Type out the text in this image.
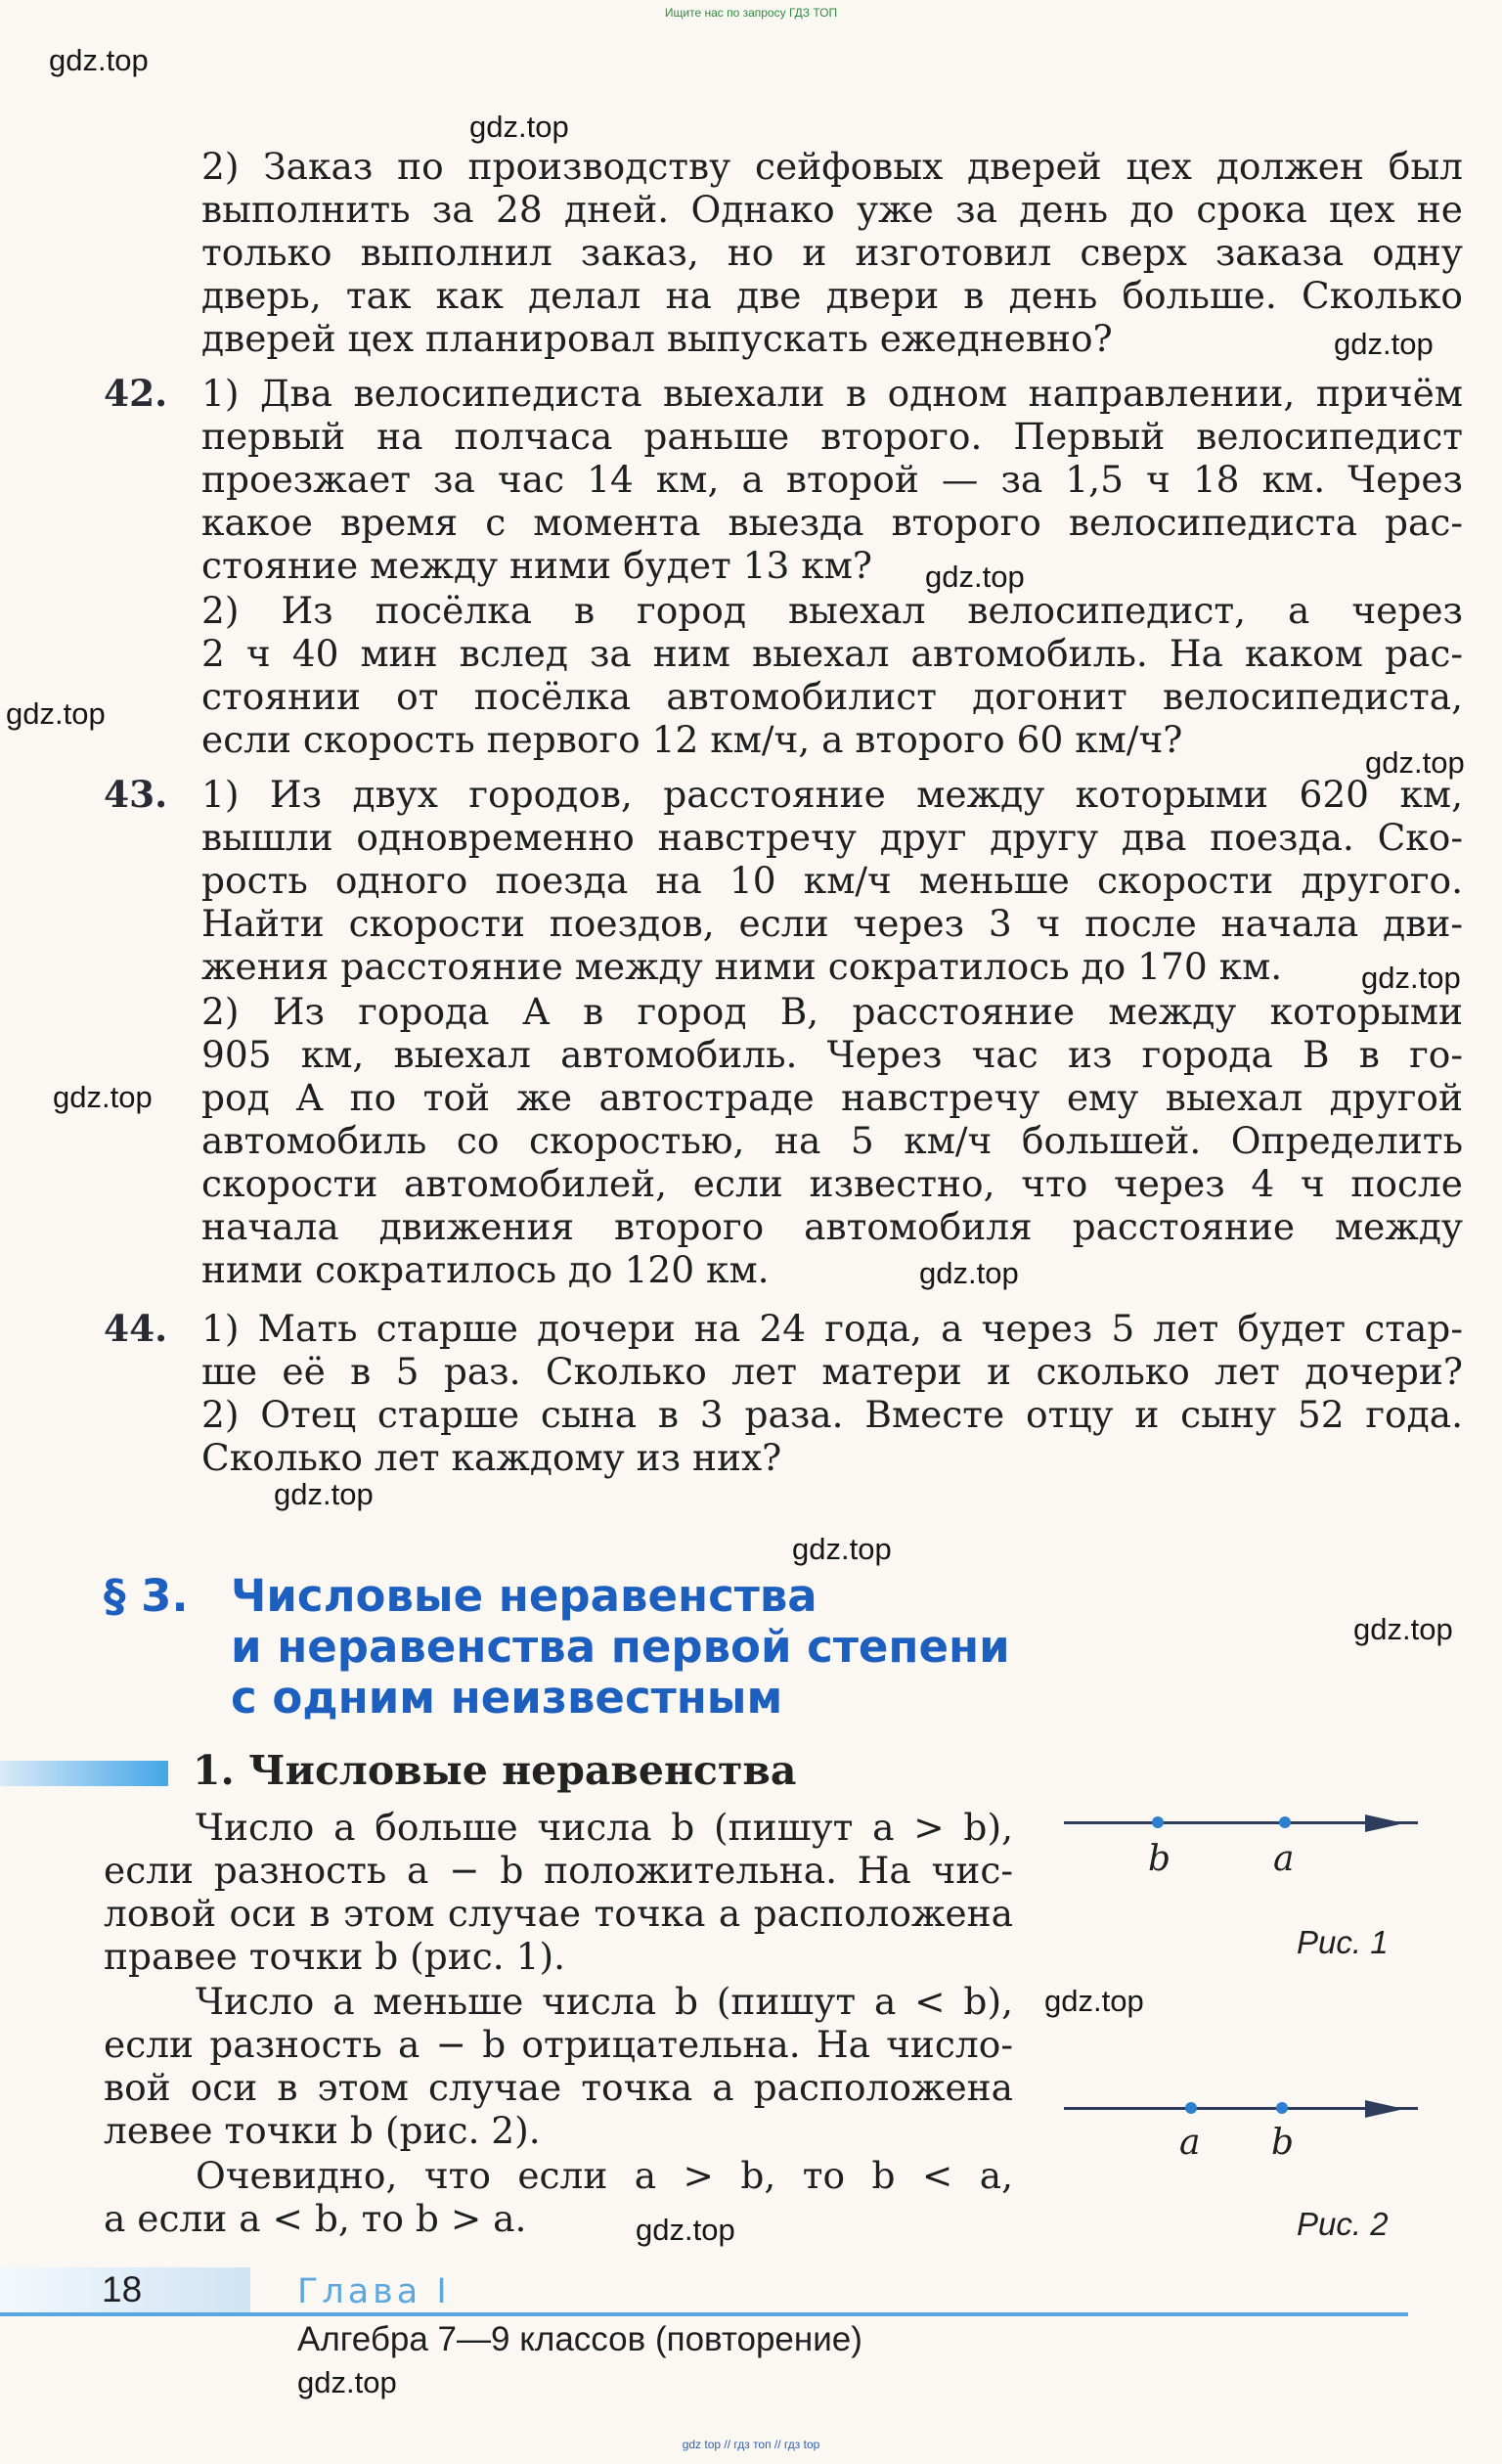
Ищите нас по запросу ГДЗ ТОП
2) Заказ по производству сейфовых дверей цех должен был
выполнить за 28 дней. Однако уже за день до срока цех не
только выполнил заказ, но и изготовил сверх заказа одну
дверь, так как делал на две двери в день больше. Сколько
дверей цех планировал выпускать ежедневно?
42. 1) Два велосипедиста выехали в одном направлении, причём
первый на полчаса раньше второго. Первый велосипедист
проезжает за час 14 км, а второй — за 1,5 ч 18 км. Через
какое время с момента выезда второго велосипедиста рас-
стояние между ними будет 13 км?
2) Из посёлка в город выехал велосипедист, а через
2 ч 40 мин вслед за ним выехал автомобиль. На каком рас-
стоянии от посёлка автомобилист догонит велосипедиста,
если скорость первого 12 км/ч, а второго 60 км/ч?
43. 1) Из двух городов, расстояние между которыми 620 км,
вышли одновременно навстречу друг другу два поезда. Ско-
рость одного поезда на 10 км/ч меньше скорости другого.
Найти скорости поездов, если через 3 ч после начала дви-
жения расстояние между ними сократилось до 170 км.
2) Из города A в город B, расстояние между которыми
905 км, выехал автомобиль. Через час из города B в го-
род A по той же автостраде навстречу ему выехал другой
автомобиль со скоростью, на 5 км/ч большей. Определить
скорости автомобилей, если известно, что через 4 ч после
начала движения второго автомобиля расстояние между
ними сократилось до 120 км.
44. 1) Мать старше дочери на 24 года, а через 5 лет будет стар-
ше её в 5 раз. Сколько лет матери и сколько лет дочери?
2) Отец старше сына в 3 раза. Вместе отцу и сыну 52 года.
Сколько лет каждому из них?
§ 3. Числовые неравенства
и неравенства первой степени
с одним неизвестным
1. Числовые неравенства
Число a больше числа b (пишут a > b),
если разность a − b положительна. На чис-
ловой оси в этом случае точка a расположена
правее точки b (рис. 1).
Число a меньше числа b (пишут a < b),
если разность a − b отрицательна. На число-
вой оси в этом случае точка a расположена
левее точки b (рис. 2).
Очевидно, что если a > b, то b < a,
а если a < b, то b > a.
b	a
Рис. 1
a b
Рис. 2
18	Глава I
Алгебра 7—9 классов (повторение)
gdz.top
gdz.top
gdz.top
gdz.top
gdz.top
gdz.top
gdz.top
gdz.top
gdz.top
gdz.top
gdz.top
gdz.top
gdz.top
gdz.top
gdz.top
gdz top // гдз топ // гдз top
